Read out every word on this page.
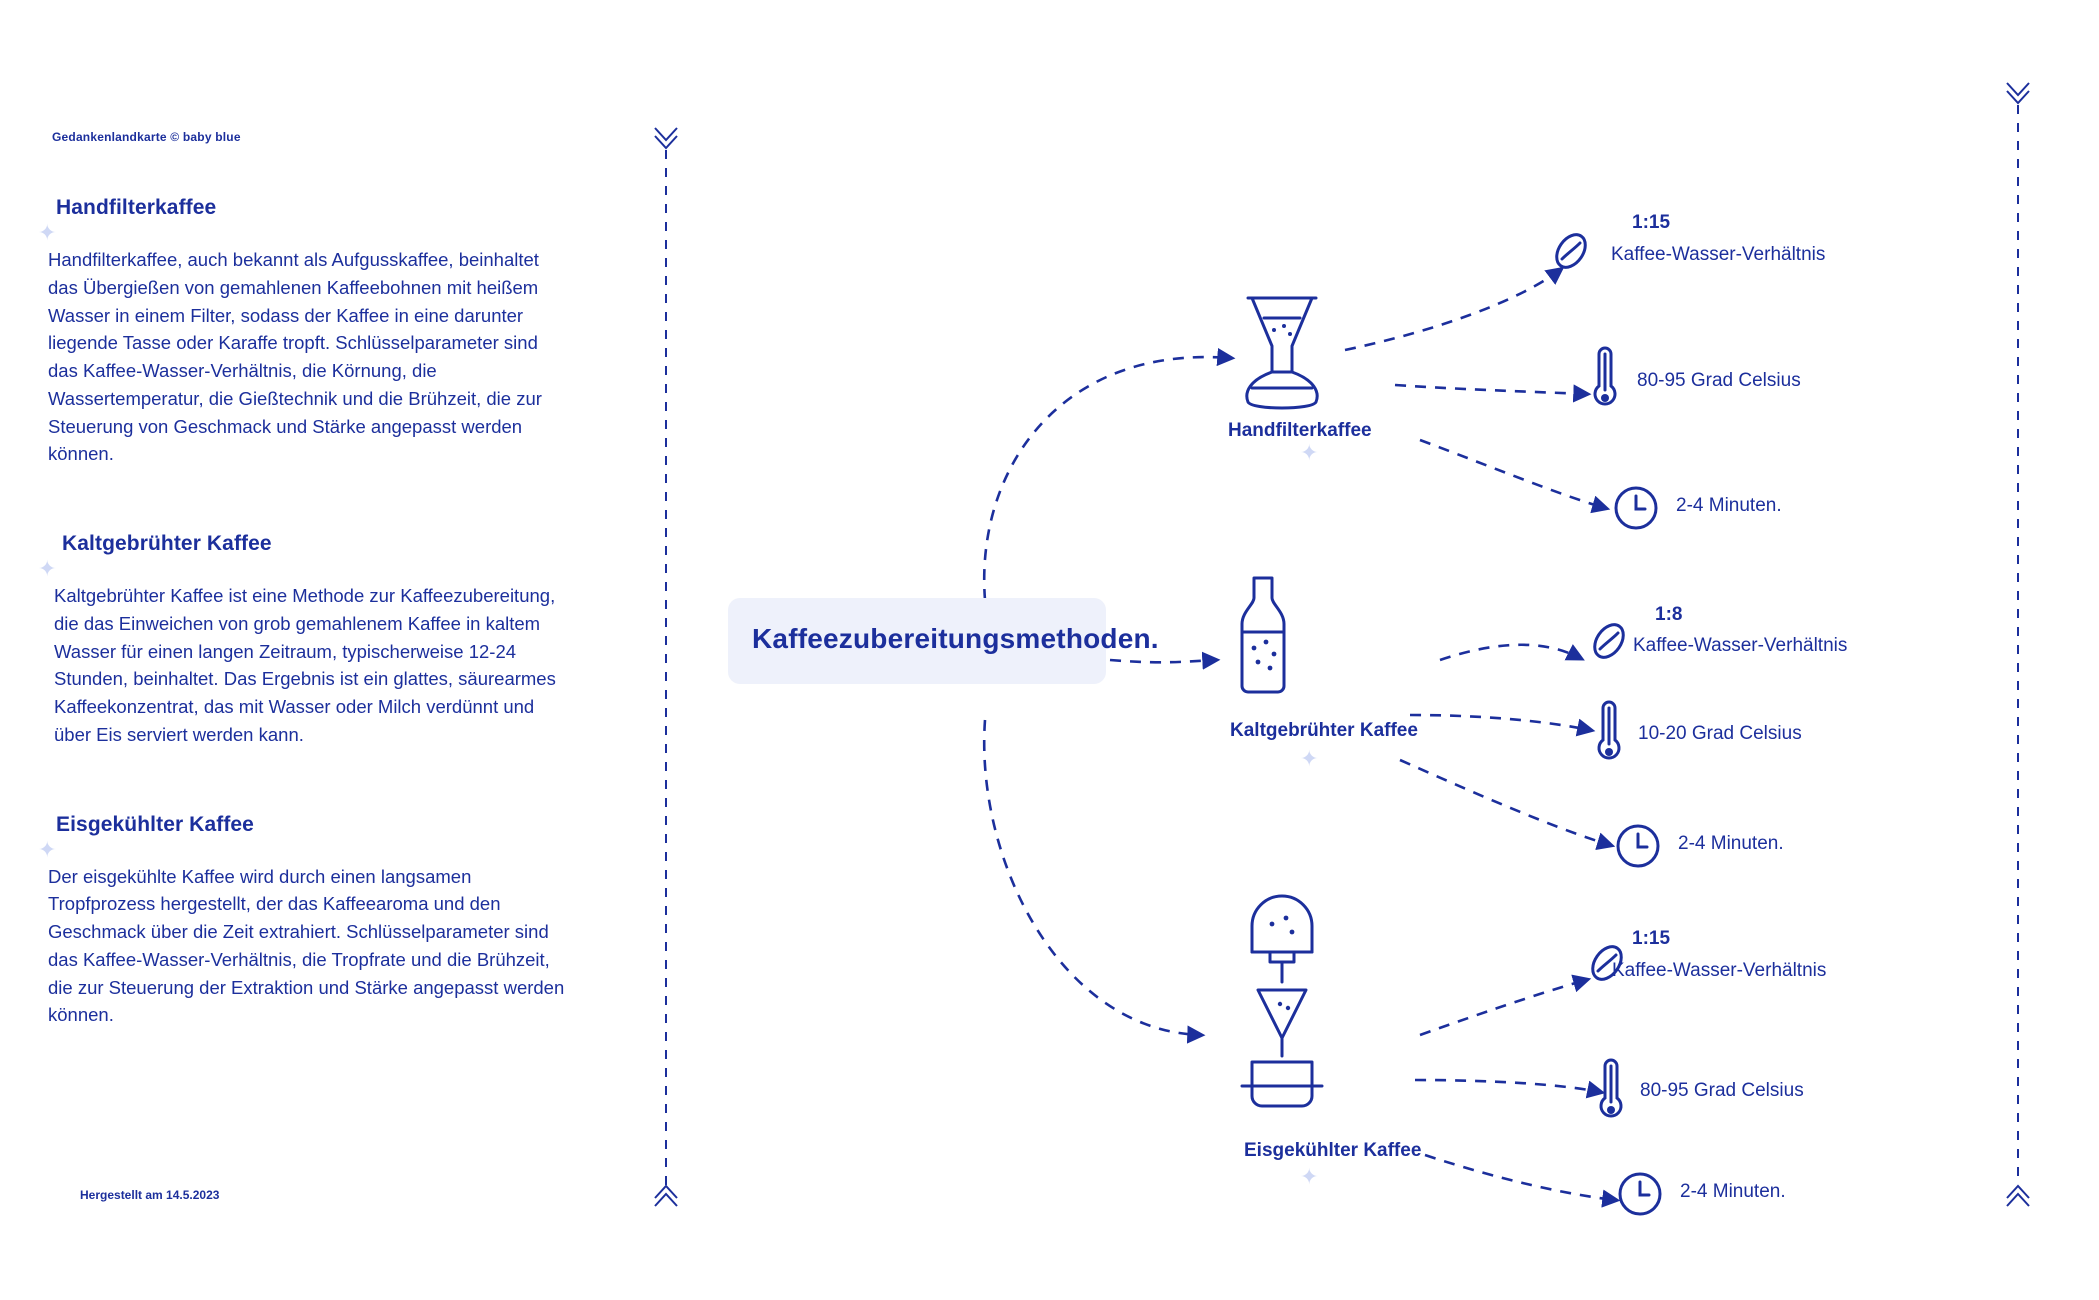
Gedankenlandkarte © baby blue
✦
Handfilterkaffee

Handfilterkaffee, auch bekannt als Aufgusskaffee, beinhaltet das Übergießen von gemahlenen Kaffeebohnen mit heißem Wasser in einem Filter, sodass der Kaffee in eine darunter liegende Tasse oder Karaffe tropft. Schlüsselparameter sind das Kaffee-Wasser-Verhältnis, die Körnung, die Wassertemperatur, die Gießtechnik und die Brühzeit, die zur Steuerung von Geschmack und Stärke angepasst werden können.

✦
Kaltgebrühter Kaffee

Kaltgebrühter Kaffee ist eine Methode zur Kaffeezubereitung, die das Einweichen von grob gemahlenem Kaffee in kaltem Wasser für einen langen Zeitraum, typischerweise 12-24 Stunden, beinhaltet. Das Ergebnis ist ein glattes, säurearmes Kaffeekonzentrat, das mit Wasser oder Milch verdünnt und über Eis serviert werden kann.

✦
Eisgekühlter Kaffee

Der eisgekühlte Kaffee wird durch einen langsamen Tropfprozess hergestellt, der das Kaffeearoma und den Geschmack über die Zeit extrahiert. Schlüsselparameter sind das Kaffee-Wasser-Verhältnis, die Tropfrate und die Brühzeit, die zur Steuerung der Extraktion und Stärke angepasst werden können.

Hergestellt am 14.5.2023
Kaffeezubereitungsmethoden.
Handfilterkaffee
✦
1:15
Kaffee-Wasser-Verhältnis
80-95 Grad Celsius
2-4 Minuten.
Kaltgebrühter Kaffee
✦
1:8
Kaffee-Wasser-Verhältnis
10-20 Grad Celsius
2-4 Minuten.
Eisgekühlter Kaffee
✦
1:15
Kaffee-Wasser-Verhältnis
80-95 Grad Celsius
2-4 Minuten.
